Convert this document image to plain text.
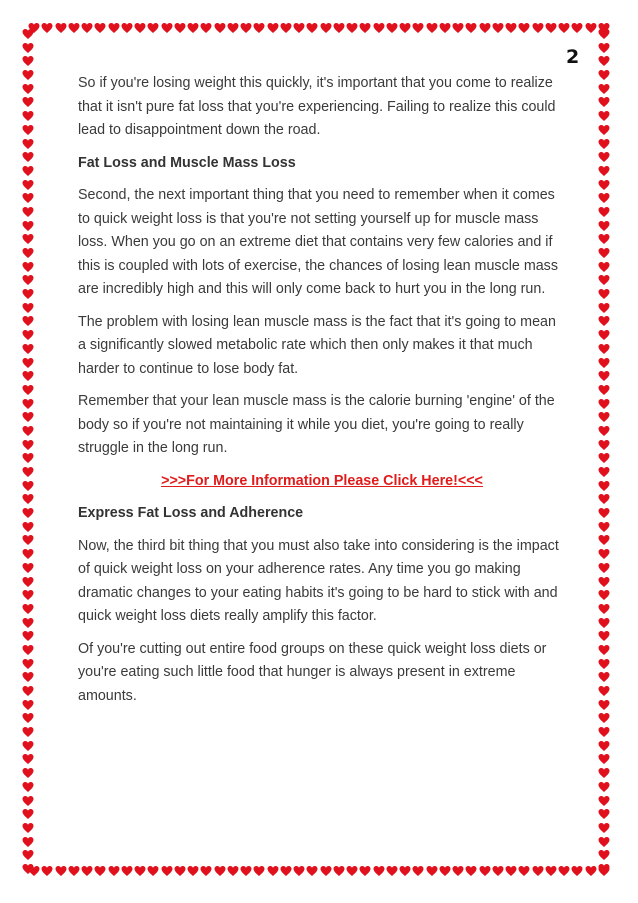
2

So if you're losing weight this quickly, it's important that you come to realize that it isn't pure fat loss that you're experiencing. Failing to realize this could lead to disappointment down the road.

Fat Loss and Muscle Mass Loss

Second, the next important thing that you need to remember when it comes to quick weight loss is that you're not setting yourself up for muscle mass loss. When you go on an extreme diet that contains very few calories and if this is coupled with lots of exercise, the chances of losing lean muscle mass are incredibly high and this will only come back to hurt you in the long run.

The problem with losing lean muscle mass is the fact that it's going to mean a significantly slowed metabolic rate which then only makes it that much harder to continue to lose body fat.

Remember that your lean muscle mass is the calorie burning 'engine' of the body so if you're not maintaining it while you diet, you're going to really struggle in the long run.

>>>For More Information Please Click Here!<<<
Express Fat Loss and Adherence

Now, the third bit thing that you must also take into considering is the impact of quick weight loss on your adherence rates. Any time you go making dramatic changes to your eating habits it's going to be hard to stick with and quick weight loss diets really amplify this factor.

Of you're cutting out entire food groups on these quick weight loss diets or you're eating such little food that hunger is always present in extreme amounts.
